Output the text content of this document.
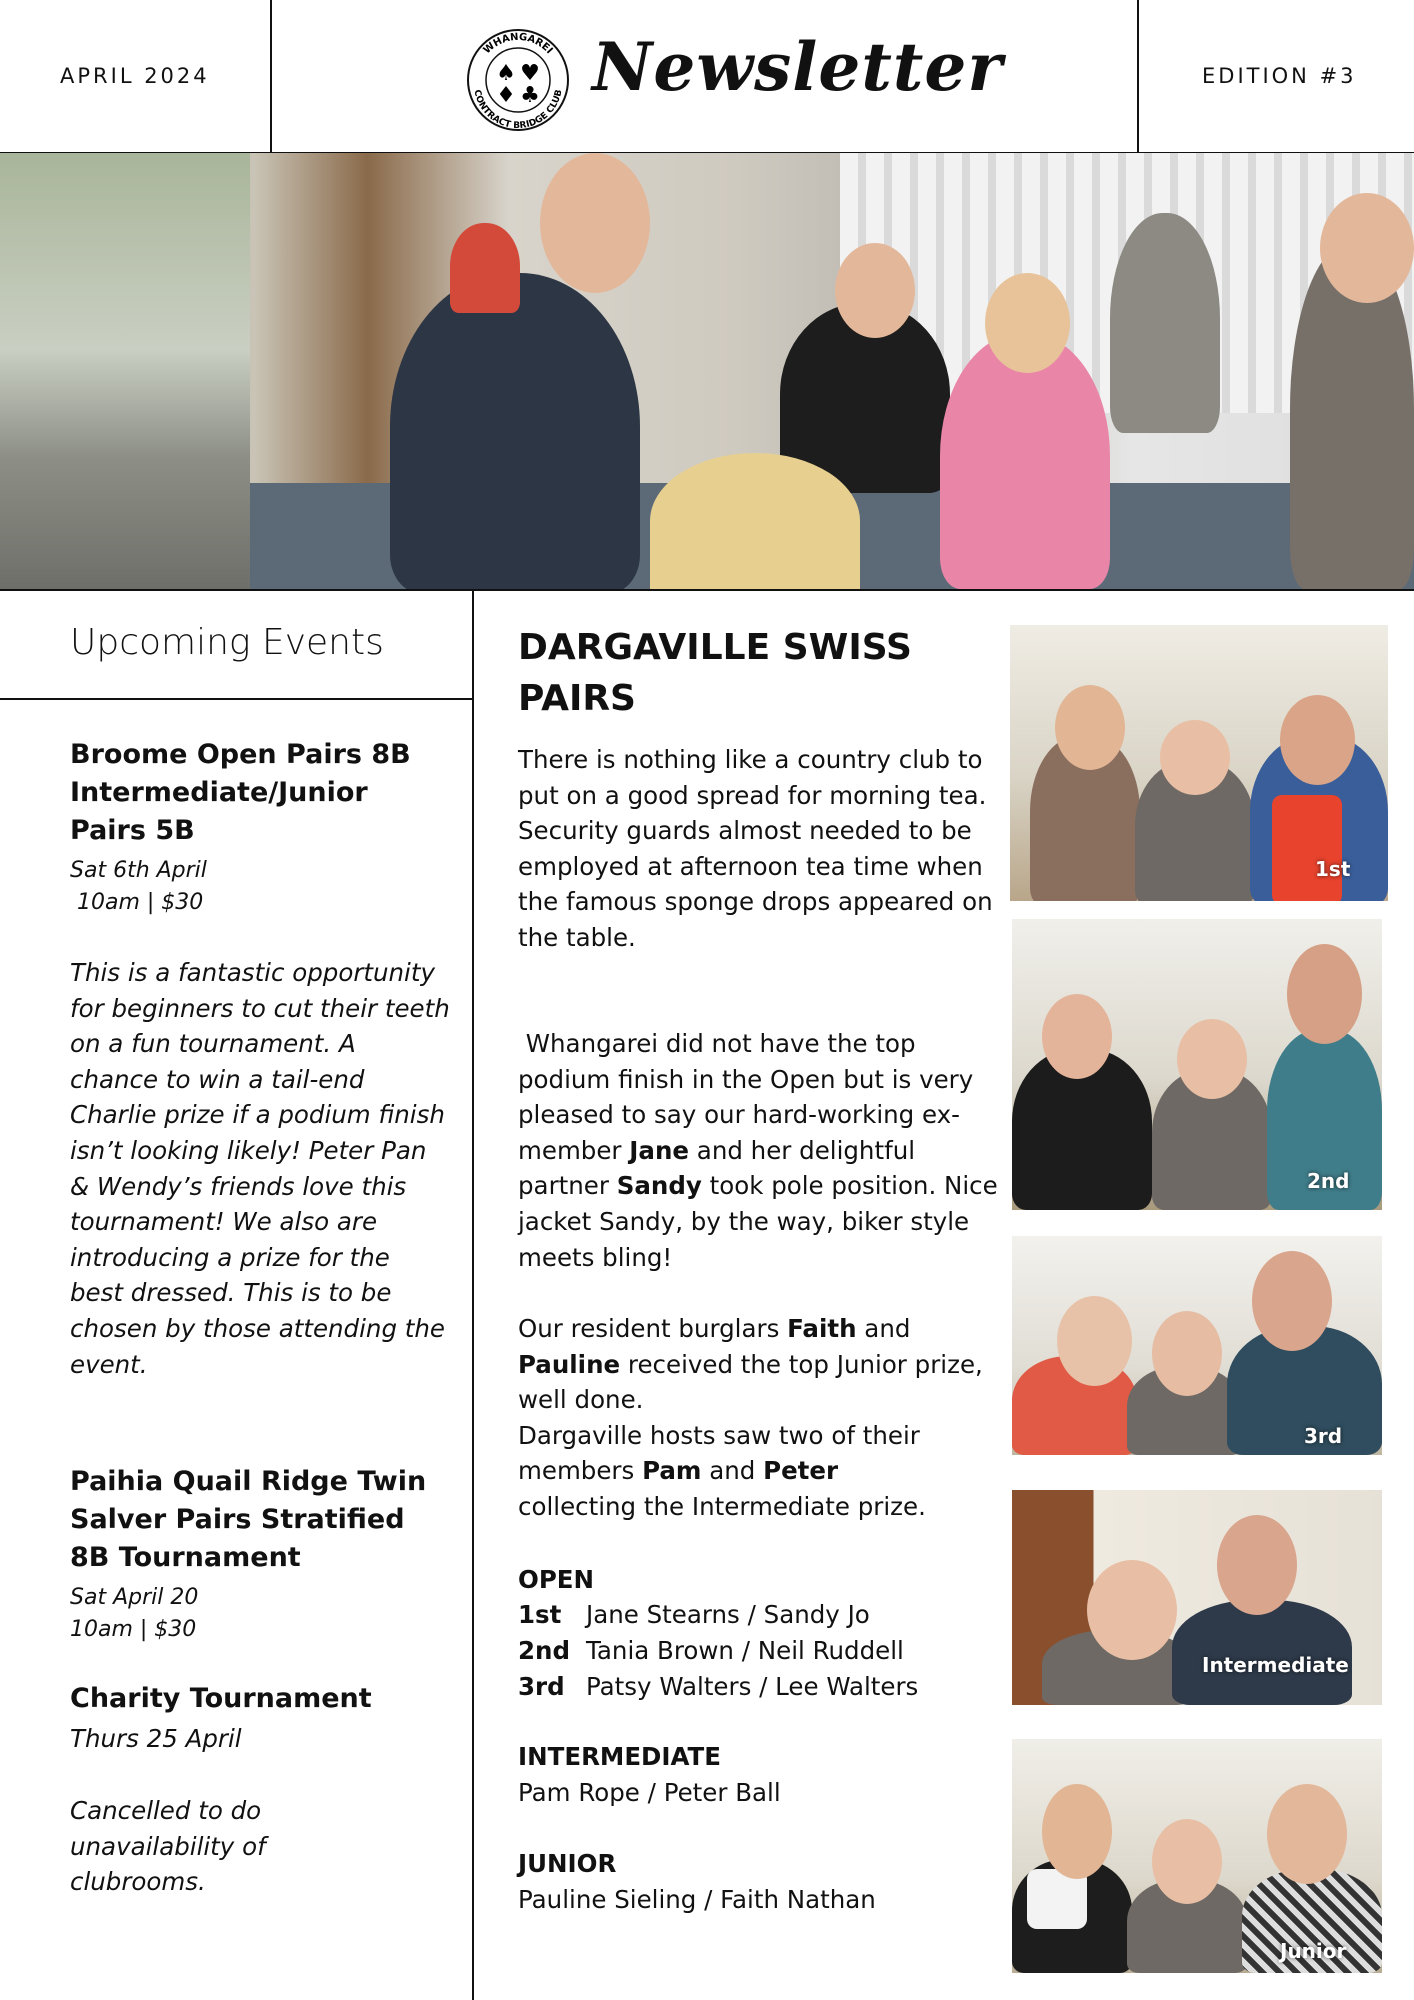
APRIL 2024
WHANGAREI
CONTRACT BRIDGE CLUB
♠ ♥
♦ ♣ Newsletter	EDITION #3
Upcoming Events
Broome Open Pairs 8B Intermediate/Junior Pairs 5B
Sat 6th April
10am | $30
This is a fantastic opportunity for beginners to cut their teeth on a fun tournament. A chance to win a tail-end Charlie prize if a podium finish isn’t looking likely! Peter Pan & Wendy’s friends love this tournament! We also are introducing a prize for the best dressed. This is to be chosen by those attending the event.
Paihia Quail Ridge Twin Salver Pairs Stratified 8B Tournament
Sat April 20
10am | $30
Charity Tournament
Thurs 25 April
Cancelled to do unavailability of clubrooms.
DARGAVILLE SWISS PAIRS
There is nothing like a country club to put on a good spread for morning tea. Security guards almost needed to be employed at afternoon tea time when the famous sponge drops appeared on the table.
Whangarei did not have the top podium finish in the Open but is very pleased to say our hard-working ex-member Jane and her delightful partner Sandy took pole position. Nice jacket Sandy, by the way, biker style meets bling!
Our resident burglars Faith and Pauline received the top Junior prize, well done.
Dargaville hosts saw two of their members Pam and Peter
collecting the Intermediate prize.
OPEN
1st Jane Stearns / Sandy Jo
2nd Tania Brown / Neil Ruddell
3rd Patsy Walters / Lee Walters
INTERMEDIATE
Pam Rope / Peter Ball
JUNIOR
Pauline Sieling / Faith Nathan
1st
2nd
3rd
Intermediate
Junior
